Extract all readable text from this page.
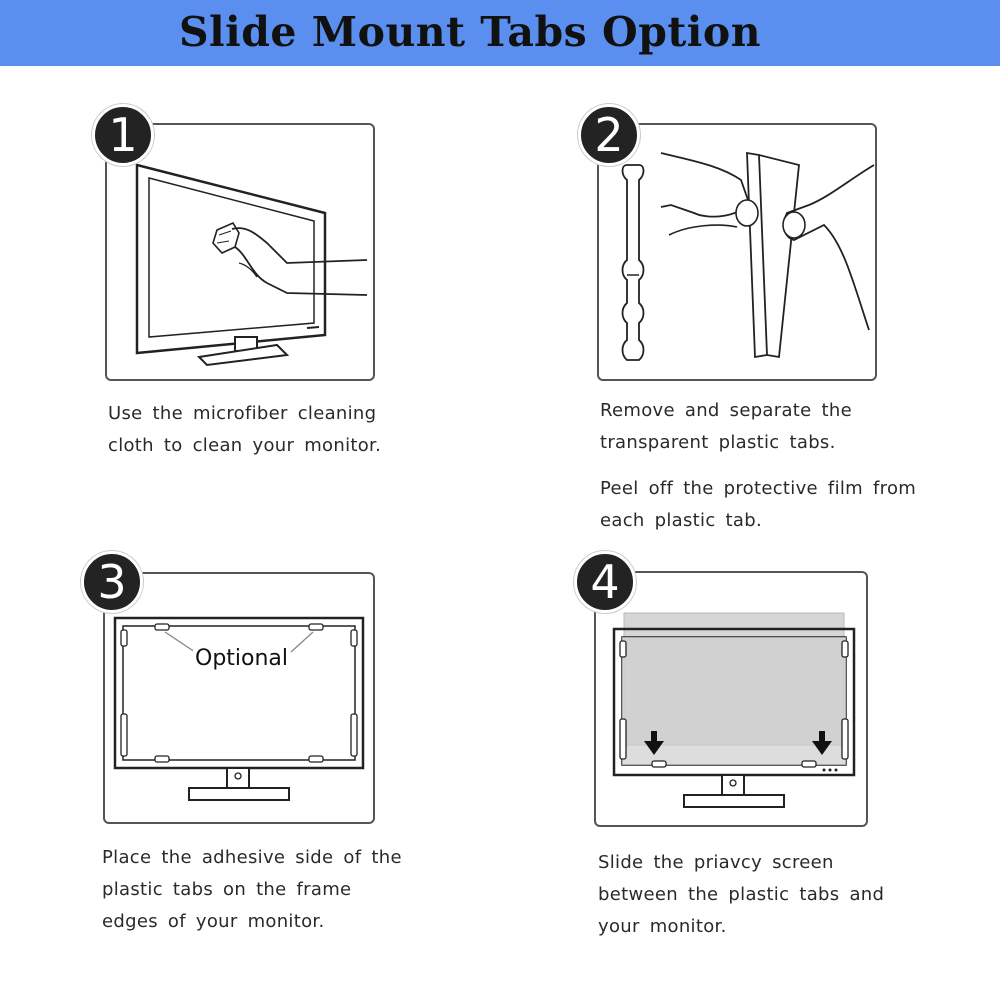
Slide Mount Tabs Option
1

Use the microfiber cleaning

cloth to clean your monitor.

2

Remove and separate the

transparent plastic tabs.

Peel off the protective film from

each plastic tab.

Optional
3

Place the adhesive side of the

plastic tabs on the frame

edges of your monitor.

4

Slide the priavcy screen

between the plastic tabs and

your monitor.
